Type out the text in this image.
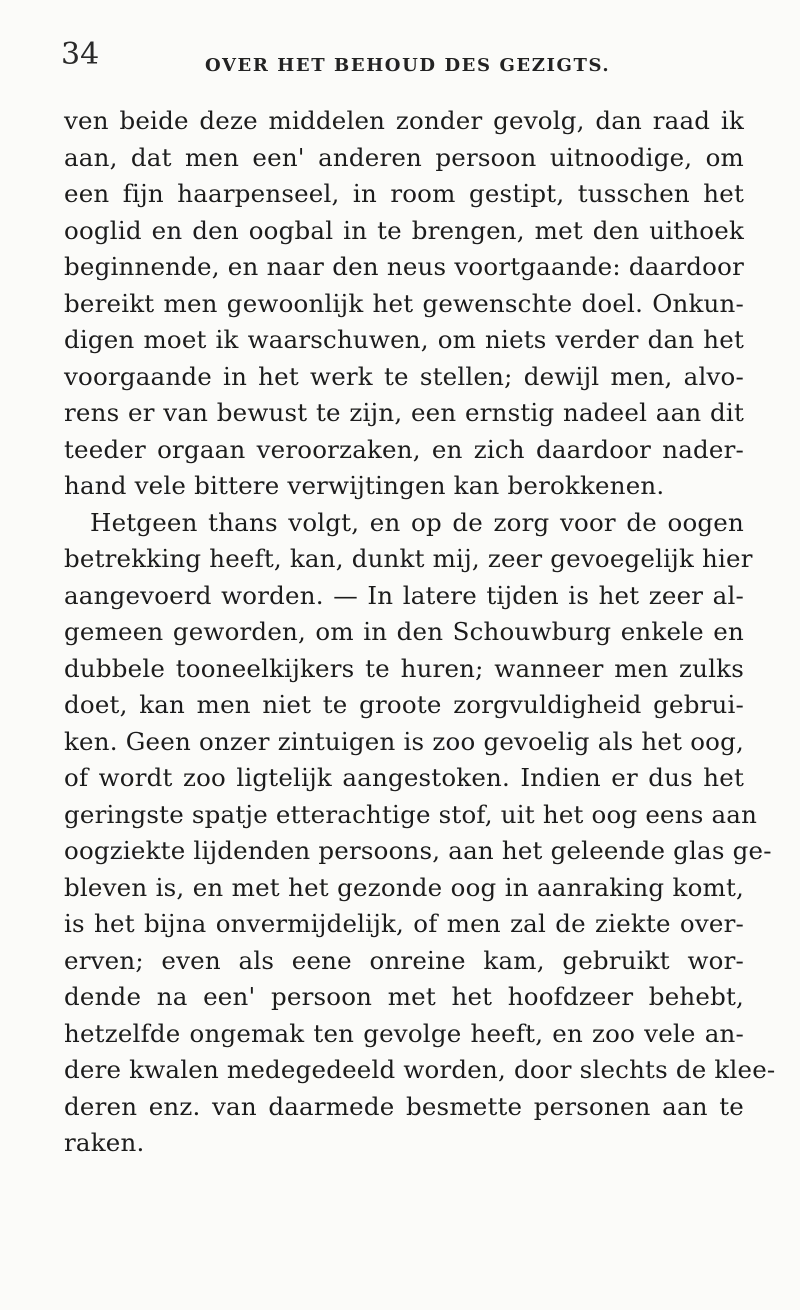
34	OVER HET BEHOUD DES GEZIGTS.
ven beide deze middelen zonder gevolg, dan raad ik
aan, dat men een' anderen persoon uitnoodige, om
een fijn haarpenseel, in room gestipt, tusschen het
ooglid en den oogbal in te brengen, met den uithoek
beginnende, en naar den neus voortgaande: daardoor
bereikt men gewoonlijk het gewenschte doel. Onkun-
digen moet ik waarschuwen, om niets verder dan het
voorgaande in het werk te stellen; dewijl men, alvo-
rens er van bewust te zijn, een ernstig nadeel aan dit
teeder orgaan veroorzaken, en zich daardoor nader-
hand vele bittere verwijtingen kan berokkenen.
Hetgeen thans volgt, en op de zorg voor de oogen
betrekking heeft, kan, dunkt mij, zeer gevoegelijk hier
aangevoerd worden. — In latere tijden is het zeer al-
gemeen geworden, om in den Schouwburg enkele en
dubbele tooneelkijkers te huren; wanneer men zulks
doet, kan men niet te groote zorgvuldigheid gebrui-
ken. Geen onzer zintuigen is zoo gevoelig als het oog,
of wordt zoo ligtelijk aangestoken. Indien er dus het
geringste spatje etterachtige stof, uit het oog eens aan
oogziekte lijdenden persoons, aan het geleende glas ge-
bleven is, en met het gezonde oog in aanraking komt,
is het bijna onvermijdelijk, of men zal de ziekte over-
erven; even als eene onreine kam, gebruikt wor-
dende na een' persoon met het hoofdzeer behebt,
hetzelfde ongemak ten gevolge heeft, en zoo vele an-
dere kwalen medegedeeld worden, door slechts de klee-
deren enz. van daarmede besmette personen aan te
raken.
